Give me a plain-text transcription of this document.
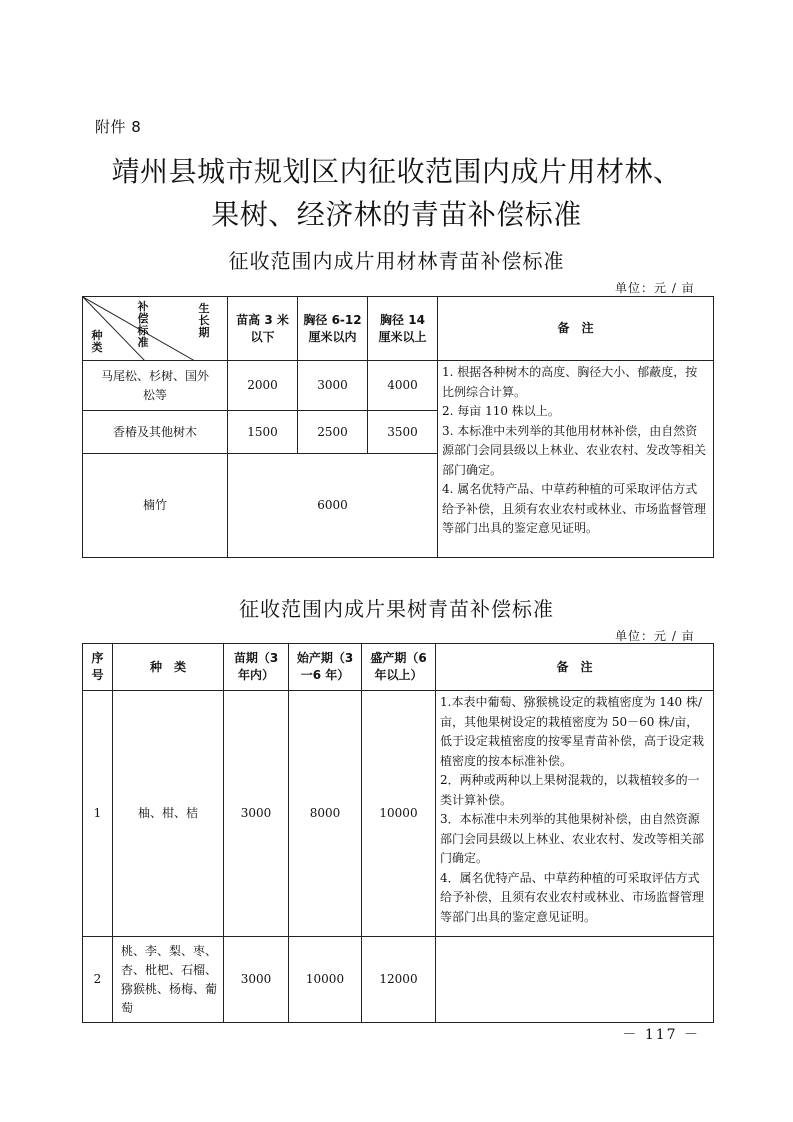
附件 8
靖州县城市规划区内征收范围内成片用材林、
果树、经济林的青苗补偿标准
征收范围内成片用材林青苗补偿标准
单位：元 / 亩
种类
补偿标准
生长期	苗高 3 米以下	胸径 6-12 厘米以内	胸径 14 厘米以上	备　注
马尾松、杉树、国外松等	2000	3000	4000	1. 根据各种树木的高度、胸径大小、郁蔽度，按比例综合计算。

2. 每亩 110 株以上。

3. 本标准中未列举的其他用材林补偿，由自然资源部门会同县级以上林业、农业农村、发改等相关部门确定。

4. 属名优特产品、中草药种植的可采取评估方式给予补偿，且须有农业农村或林业、市场监督管理等部门出具的鉴定意见证明。

香椿及其他树木	1500	2500	3500	
楠竹	6000			
征收范围内成片果树青苗补偿标准
单位：元 / 亩
序号	种　类	苗期（3 年内）	始产期（3 一6 年）	盛产期（6 年以上）	备　注
1	柚、柑、桔	3000	8000	10000	1.本表中葡萄、猕猴桃设定的栽植密度为 140 株/亩，其他果树设定的栽植密度为 50－60 株/亩，低于设定栽植密度的按零星青苗补偿，高于设定栽植密度的按本标准补偿。

2．两种或两种以上果树混栽的，以栽植较多的一类计算补偿。

3．本标准中未列举的其他果树补偿，由自然资源部门会同县级以上林业、农业农村、发改等相关部门确定。

4．属名优特产品、中草药种植的可采取评估方式给予补偿，且须有农业农村或林业、市场监督管理等部门出具的鉴定意见证明。

2	桃、李、梨、枣、杏、枇杷、石榴、猕猴桃、杨梅、葡萄	3000	10000	12000	
－ 117 －
